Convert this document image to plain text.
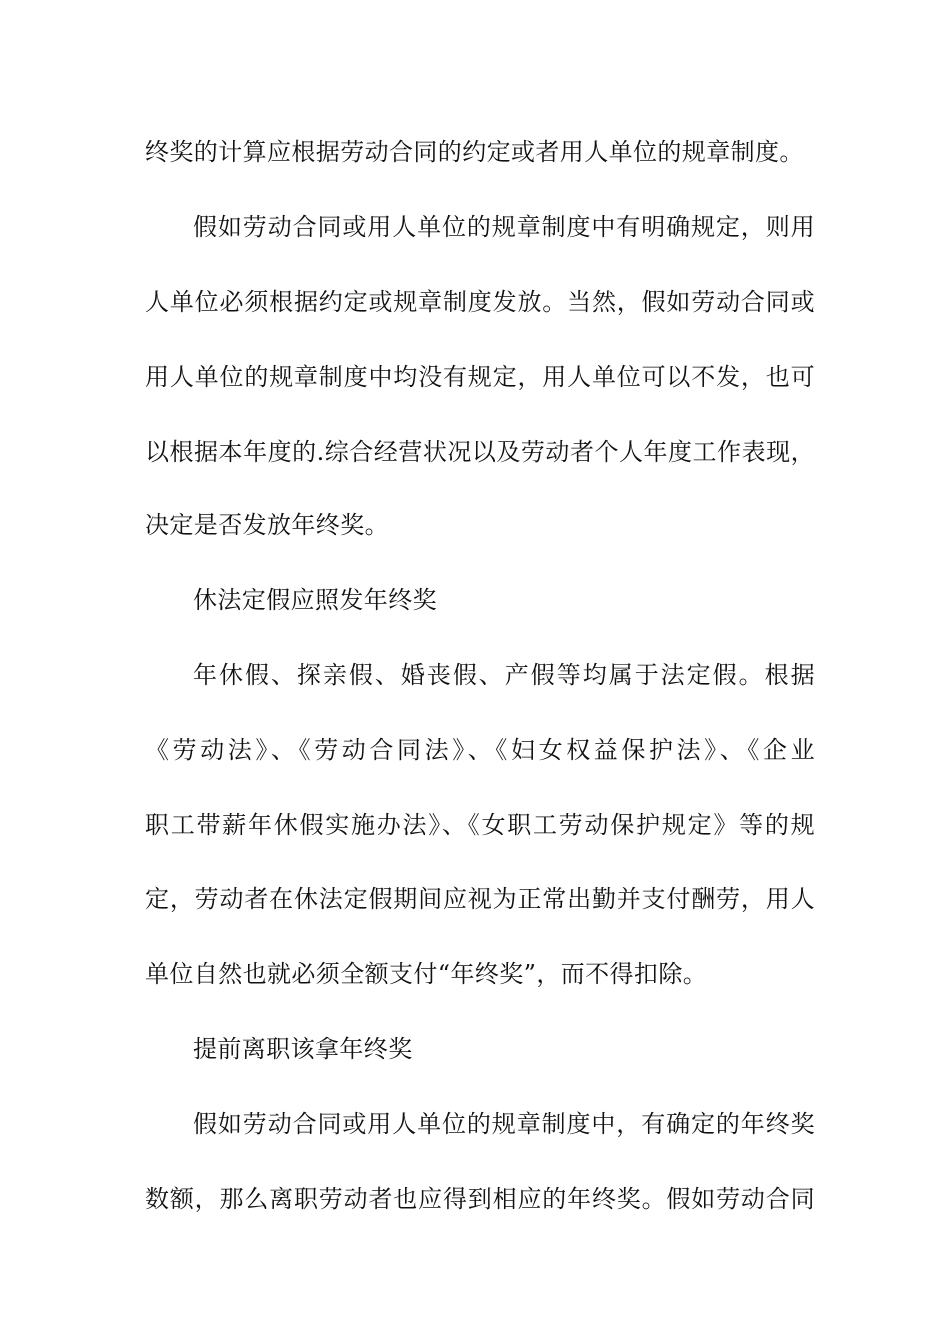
终奖的计算应根据劳动合同的约定或者用人单位的规章制度。
假如劳动合同或用人单位的规章制度中有明确规定，则用
人单位必须根据约定或规章制度发放。当然，假如劳动合同或
用人单位的规章制度中均没有规定，用人单位可以不发，也可
以根据本年度的.综合经营状况以及劳动者个人年度工作表现，
决定是否发放年终奖。
休法定假应照发年终奖
年休假、探亲假、婚丧假、产假等均属于法定假。根据
《劳动法》、《劳动合同法》、《妇女权益保护法》、《企业
职工带薪年休假实施办法》、《女职工劳动保护规定》等的规
定，劳动者在休法定假期间应视为正常出勤并支付酬劳，用人
单位自然也就必须全额支付“年终奖”，而不得扣除。
提前离职该拿年终奖
假如劳动合同或用人单位的规章制度中，有确定的年终奖
数额，那么离职劳动者也应得到相应的年终奖。假如劳动合同
